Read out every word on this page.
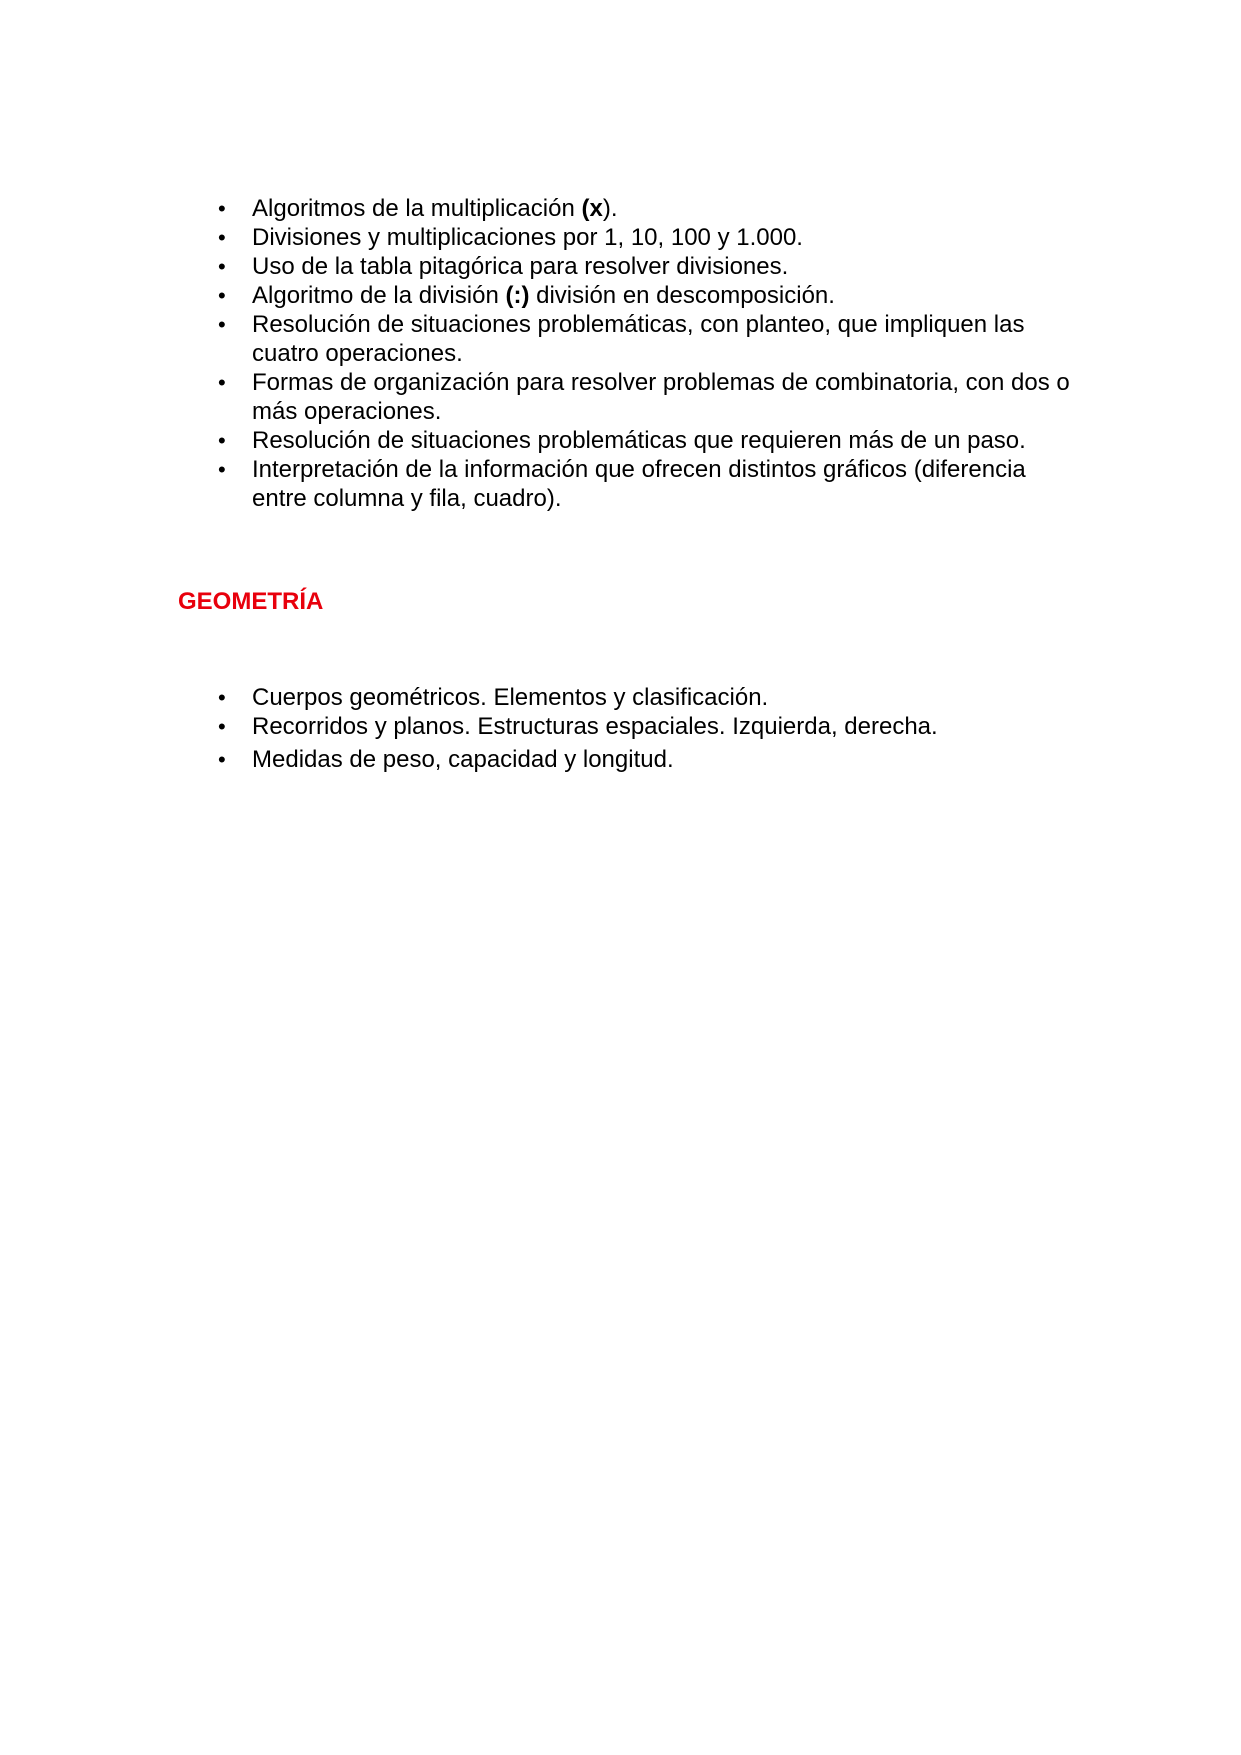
•	Algoritmos de la multiplicación (x).
•	Divisiones y multiplicaciones por 1, 10, 100 y 1.000.
•	Uso de la tabla pitagórica para resolver divisiones.
•	Algoritmo de la división (:) división en descomposición.
•	Resolución de situaciones problemáticas, con planteo, que impliquen las cuatro operaciones.
•	Formas de organización para resolver problemas de combinatoria, con dos o más operaciones.
•	Resolución de situaciones problemáticas que requieren más de un paso.
•	Interpretación de la información que ofrecen distintos gráficos (diferencia entre columna y fila, cuadro).
GEOMETRÍA
•	Cuerpos geométricos. Elementos y clasificación.
•	Recorridos y planos. Estructuras espaciales. Izquierda, derecha.
•	Medidas de peso, capacidad y longitud.
